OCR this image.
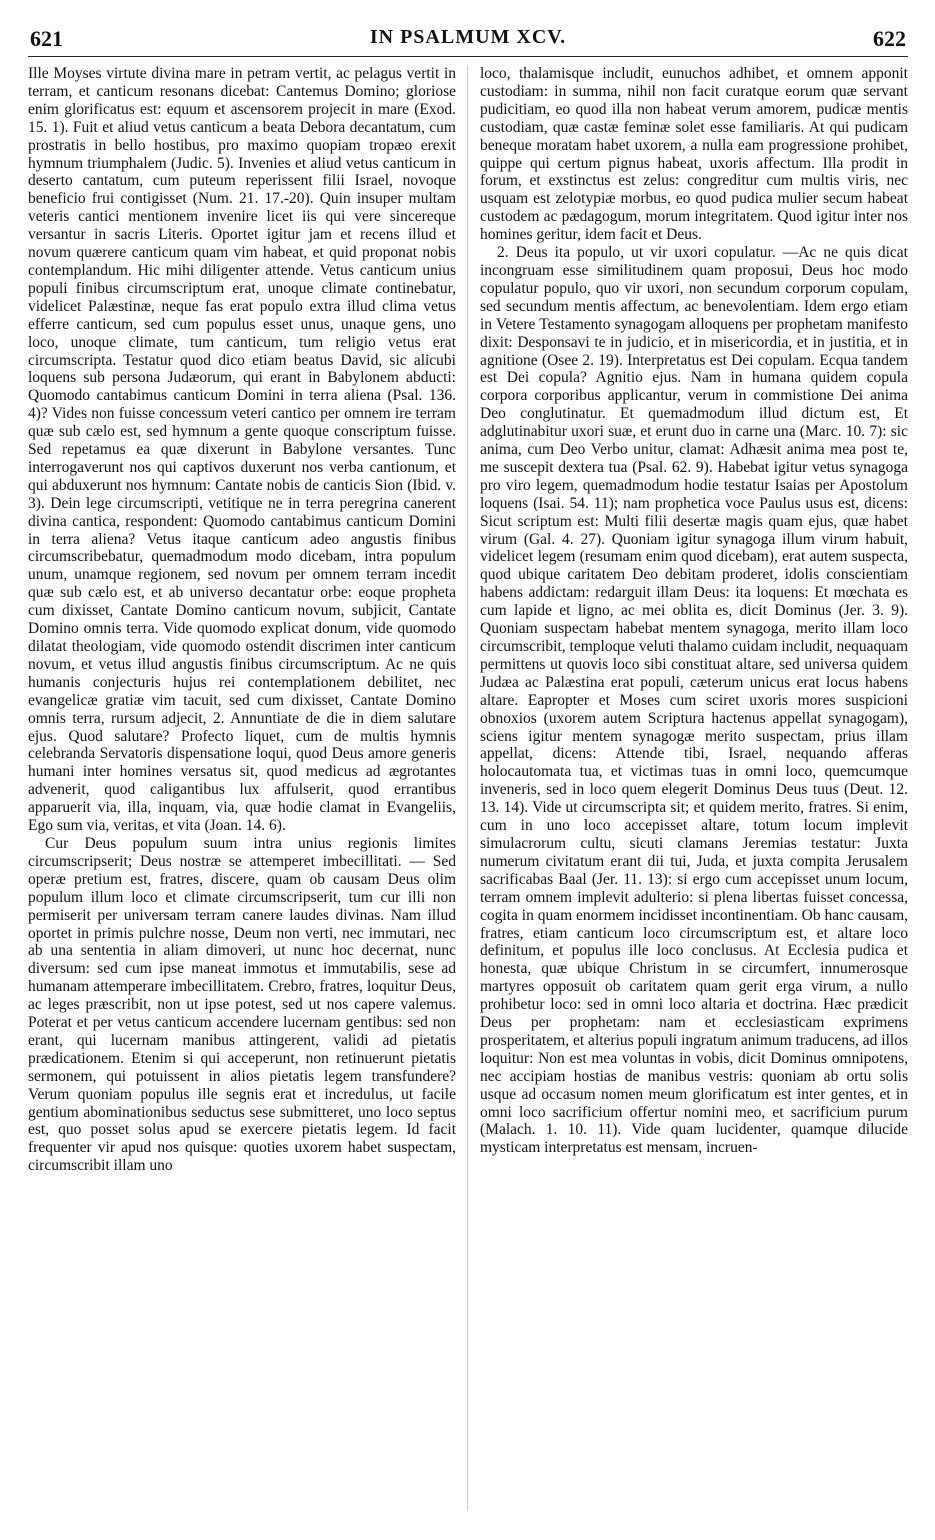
621	IN PSALMUM XCV.	622

Ille Moyses virtute divina mare in petram vertit, ac pelagus vertit in terram, et canticum resonans dicebat: Cantemus Domino; gloriose enim glorificatus est: equum et ascensorem projecit in mare (Exod. 15. 1). Fuit et aliud vetus canticum a beata Debora decantatum, cum prostratis in bello hostibus, pro maximo quopiam tropæo erexit hymnum triumphalem (Judic. 5). Invenies et aliud vetus canticum in deserto cantatum, cum puteum reperissent filii Israel, novoque beneficio frui contigisset (Num. 21. 17.-20). Quin insuper multam veteris cantici mentionem invenire licet iis qui vere sincereque versantur in sacris Literis. Oportet igitur jam et recens illud et novum quærere canticum quam vim habeat, et quid proponat nobis contemplandum. Hic mihi diligenter attende. Vetus canticum unius populi finibus circumscriptum erat, unoque climate continebatur, videlicet Palæstinæ, neque fas erat populo extra illud clima vetus efferre canticum, sed cum populus esset unus, unaque gens, uno loco, unoque climate, tum canticum, tum religio vetus erat circumscripta. Testatur quod dico etiam beatus David, sic alicubi loquens sub persona Judæorum, qui erant in Babylonem abducti: Quomodo cantabimus canticum Domini in terra aliena (Psal. 136. 4)? Vides non fuisse concessum veteri cantico per omnem ire terram quæ sub cælo est, sed hymnum a gente quoque conscriptum fuisse. Sed repetamus ea quæ dixerunt in Babylone versantes. Tunc interrogaverunt nos qui captivos duxerunt nos verba cantionum, et qui abduxerunt nos hymnum: Cantate nobis de canticis Sion (Ibid. v. 3). Dein lege circumscripti, vetitique ne in terra peregrina canerent divina cantica, respondent: Quomodo cantabimus canticum Domini in terra aliena? Vetus itaque canticum adeo angustis finibus circumscribebatur, quemadmodum modo dicebam, intra populum unum, unamque regionem, sed novum per omnem terram incedit quæ sub cælo est, et ab universo decantatur orbe: eoque propheta cum dixisset, Cantate Domino canticum novum, subjicit, Cantate Domino omnis terra. Vide quomodo explicat donum, vide quomodo dilatat theologiam, vide quomodo ostendit discrimen inter canticum novum, et vetus illud angustis finibus circumscriptum. Ac ne quis humanis conjecturis hujus rei contemplationem debilitet, nec evangelicæ gratiæ vim tacuit, sed cum dixisset, Cantate Domino omnis terra, rursum adjecit, 2. Annuntiate de die in diem salutare ejus. Quod salutare? Profecto liquet, cum de multis hymnis celebranda Servatoris dispensatione loqui, quod Deus amore generis humani inter homines versatus sit, quod medicus ad ægrotantes advenerit, quod caligantibus lux affulserit, quod errantibus apparuerit via, illa, inquam, via, quæ hodie clamat in Evangeliis, Ego sum via, veritas, et vita (Joan. 14. 6).

Cur Deus populum suum intra unius regionis limites circumscripserit; Deus nostræ se attemperet imbecillitati. — Sed operæ pretium est, fratres, discere, quam ob causam Deus olim populum illum loco et climate circumscripserit, tum cur illi non permiserit per universam terram canere laudes divinas. Nam illud oportet in primis pulchre nosse, Deum non verti, nec immutari, nec ab una sententia in aliam dimoveri, ut nunc hoc decernat, nunc diversum: sed cum ipse maneat immotus et immutabilis, sese ad humanam attemperare imbecillitatem. Crebro, fratres, loquitur Deus, ac leges præscribit, non ut ipse potest, sed ut nos capere valemus. Poterat et per vetus canticum accendere lucernam gentibus: sed non erant, qui lucernam manibus attingerent, validi ad pietatis prædicationem. Etenim si qui acceperunt, non retinuerunt pietatis sermonem, qui potuissent in alios pietatis legem transfundere? Verum quoniam populus ille segnis erat et incredulus, ut facile gentium abominationibus seductus sese submitteret, uno loco septus est, quo posset solus apud se exercere pietatis legem. Id facit frequenter vir apud nos quisque: quoties uxorem habet suspectam, circumscribit illam uno

loco, thalamisque includit, eunuchos adhibet, et omnem apponit custodiam: in summa, nihil non facit curatque eorum quæ servant pudicitiam, eo quod illa non habeat verum amorem, pudicæ mentis custodiam, quæ castæ feminæ solet esse familiaris. At qui pudicam beneque moratam habet uxorem, a nulla eam progressione prohibet, quippe qui certum pignus habeat, uxoris affectum. Illa prodit in forum, et exstinctus est zelus: congreditur cum multis viris, nec usquam est zelotypiæ morbus, eo quod pudica mulier secum habeat custodem ac pædagogum, morum integritatem. Quod igitur inter nos homines geritur, idem facit et Deus.

2. Deus ita populo, ut vir uxori copulatur. —Ac ne quis dicat incongruam esse similitudinem quam proposui, Deus hoc modo copulatur populo, quo vir uxori, non secundum corporum copulam, sed secundum mentis affectum, ac benevolentiam. Idem ergo etiam in Vetere Testamento synagogam alloquens per prophetam manifesto dixit: Desponsavi te in judicio, et in misericordia, et in justitia, et in agnitione (Osee 2. 19). Interpretatus est Dei copulam. Ecqua tandem est Dei copula? Agnitio ejus. Nam in humana quidem copula corpora corporibus applicantur, verum in commistione Dei anima Deo conglutinatur. Et quemadmodum illud dictum est, Et adglutinabitur uxori suæ, et erunt duo in carne una (Marc. 10. 7): sic anima, cum Deo Verbo unitur, clamat: Adhæsit anima mea post te, me suscepit dextera tua (Psal. 62. 9). Habebat igitur vetus synagoga pro viro legem, quemadmodum hodie testatur Isaias per Apostolum loquens (Isai. 54. 11); nam prophetica voce Paulus usus est, dicens: Sicut scriptum est: Multi filii desertæ magis quam ejus, quæ habet virum (Gal. 4. 27). Quoniam igitur synagoga illum virum habuit, videlicet legem (resumam enim quod dicebam), erat autem suspecta, quod ubique caritatem Deo debitam proderet, idolis conscientiam habens addictam: redarguit illam Deus: ita loquens: Et mœchata es cum lapide et ligno, ac mei oblita es, dicit Dominus (Jer. 3. 9). Quoniam suspectam habebat mentem synagoga, merito illam loco circumscribit, temploque veluti thalamo cuidam includit, nequaquam permittens ut quovis loco sibi constituat altare, sed universa quidem Judæa ac Palæstina erat populi, cæterum unicus erat locus habens altare. Eapropter et Moses cum sciret uxoris mores suspicioni obnoxios (uxorem autem Scriptura hactenus appellat synagogam), sciens igitur mentem synagogæ merito suspectam, prius illam appellat, dicens: Attende tibi, Israel, nequando afferas holocautomata tua, et victimas tuas in omni loco, quemcumque inveneris, sed in loco quem elegerit Dominus Deus tuus (Deut. 12. 13. 14). Vide ut circumscripta sit; et quidem merito, fratres. Si enim, cum in uno loco accepisset altare, totum locum implevit simulacrorum cultu, sicuti clamans Jeremias testatur: Juxta numerum civitatum erant dii tui, Juda, et juxta compita Jerusalem sacrificabas Baal (Jer. 11. 13): si ergo cum accepisset unum locum, terram omnem implevit adulterio: si plena libertas fuisset concessa, cogita in quam enormem incidisset incontinentiam. Ob hanc causam, fratres, etiam canticum loco circumscriptum est, et altare loco definitum, et populus ille loco conclusus. At Ecclesia pudica et honesta, quæ ubique Christum in se circumfert, innumerosque martyres opposuit ob caritatem quam gerit erga virum, a nullo prohibetur loco: sed in omni loco altaria et doctrina. Hæc prædicit Deus per prophetam: nam et ecclesiasticam exprimens prosperitatem, et alterius populi ingratum animum traducens, ad illos loquitur: Non est mea voluntas in vobis, dicit Dominus omnipotens, nec accipiam hostias de manibus vestris: quoniam ab ortu solis usque ad occasum nomen meum glorificatum est inter gentes, et in omni loco sacrificium offertur nomini meo, et sacrificium purum (Malach. 1. 10. 11). Vide quam lucidenter, quamque dilucide mysticam interpretatus est mensam, incruen-
